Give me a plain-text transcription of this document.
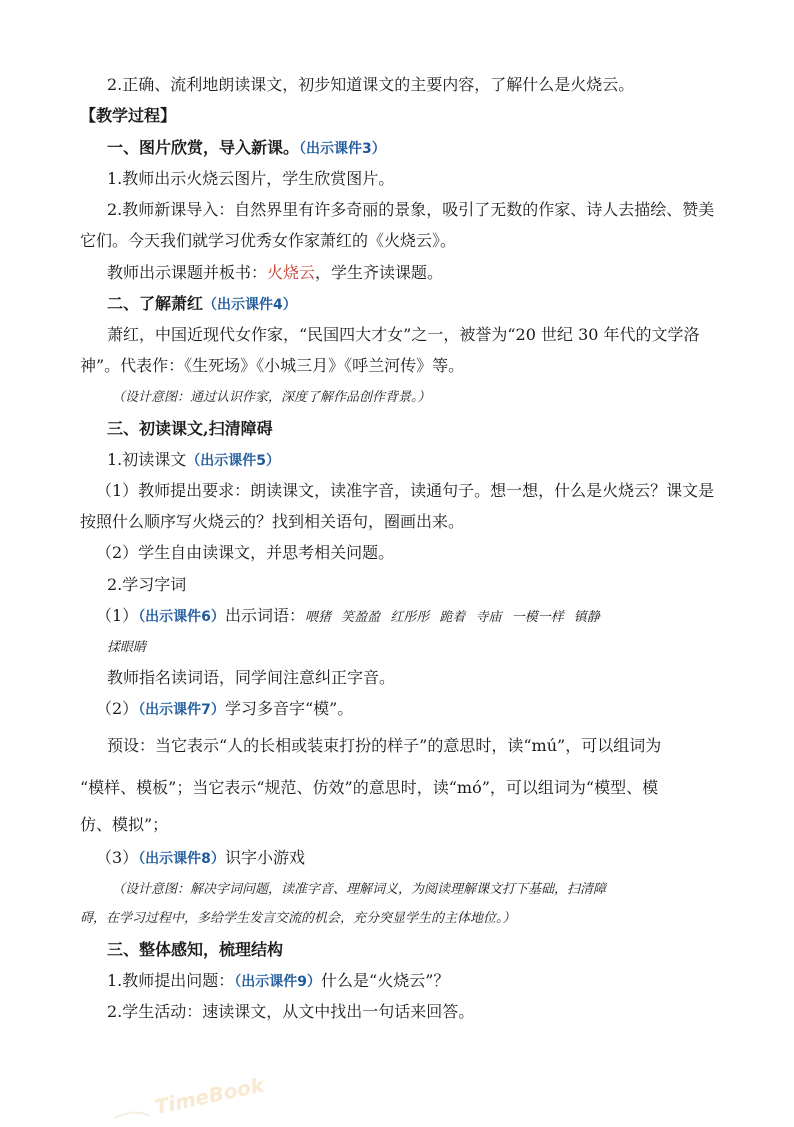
2.正确、流利地朗读课文，初步知道课文的主要内容，了解什么是火烧云。
【教学过程】
一、图片欣赏，导入新课。（出示课件3）
1.教师出示火烧云图片，学生欣赏图片。
2.教师新课导入：自然界里有许多奇丽的景象，吸引了无数的作家、诗人去描绘、赞美
它们。今天我们就学习优秀女作家萧红的《火烧云》。
教师出示课题并板书：火烧云，学生齐读课题。
二、了解萧红（出示课件4）
萧红，中国近现代女作家，“民国四大才女”之一，被誉为“20 世纪 30 年代的文学洛
神”。代表作：《生死场》《小城三月》《呼兰河传》等。
（设计意图：通过认识作家，深度了解作品创作背景。）
三、初读课文,扫清障碍
1.初读课文（出示课件5）
（1）教师提出要求：朗读课文，读准字音，读通句子。想一想，什么是火烧云？课文是
按照什么顺序写火烧云的？找到相关语句，圈画出来。
（2）学生自由读课文，并思考相关问题。
2.学习字词
（1）（出示课件6）出示词语：喂猪 笑盈盈 红彤彤 跪着 寺庙 一模一样 镇静
揉眼睛
教师指名读词语，同学间注意纠正字音。
（2）（出示课件7）学习多音字“模”。
预设：当它表示“人的长相或装束打扮的样子”的意思时，读“mú”，可以组词为
“模样、模板”；当它表示“规范、仿效”的意思时，读“mó”，可以组词为“模型、模
仿、模拟”；
（3）（出示课件8）识字小游戏
（设计意图：解决字词问题，读准字音、理解词义，为阅读理解课文打下基础，扫清障
碍，在学习过程中，多给学生发言交流的机会，充分突显学生的主体地位。）
三、整体感知，梳理结构
1.教师提出问题：（出示课件9）什么是“火烧云”？
2.学生活动：速读课文，从文中找出一句话来回答。
TimeBook
